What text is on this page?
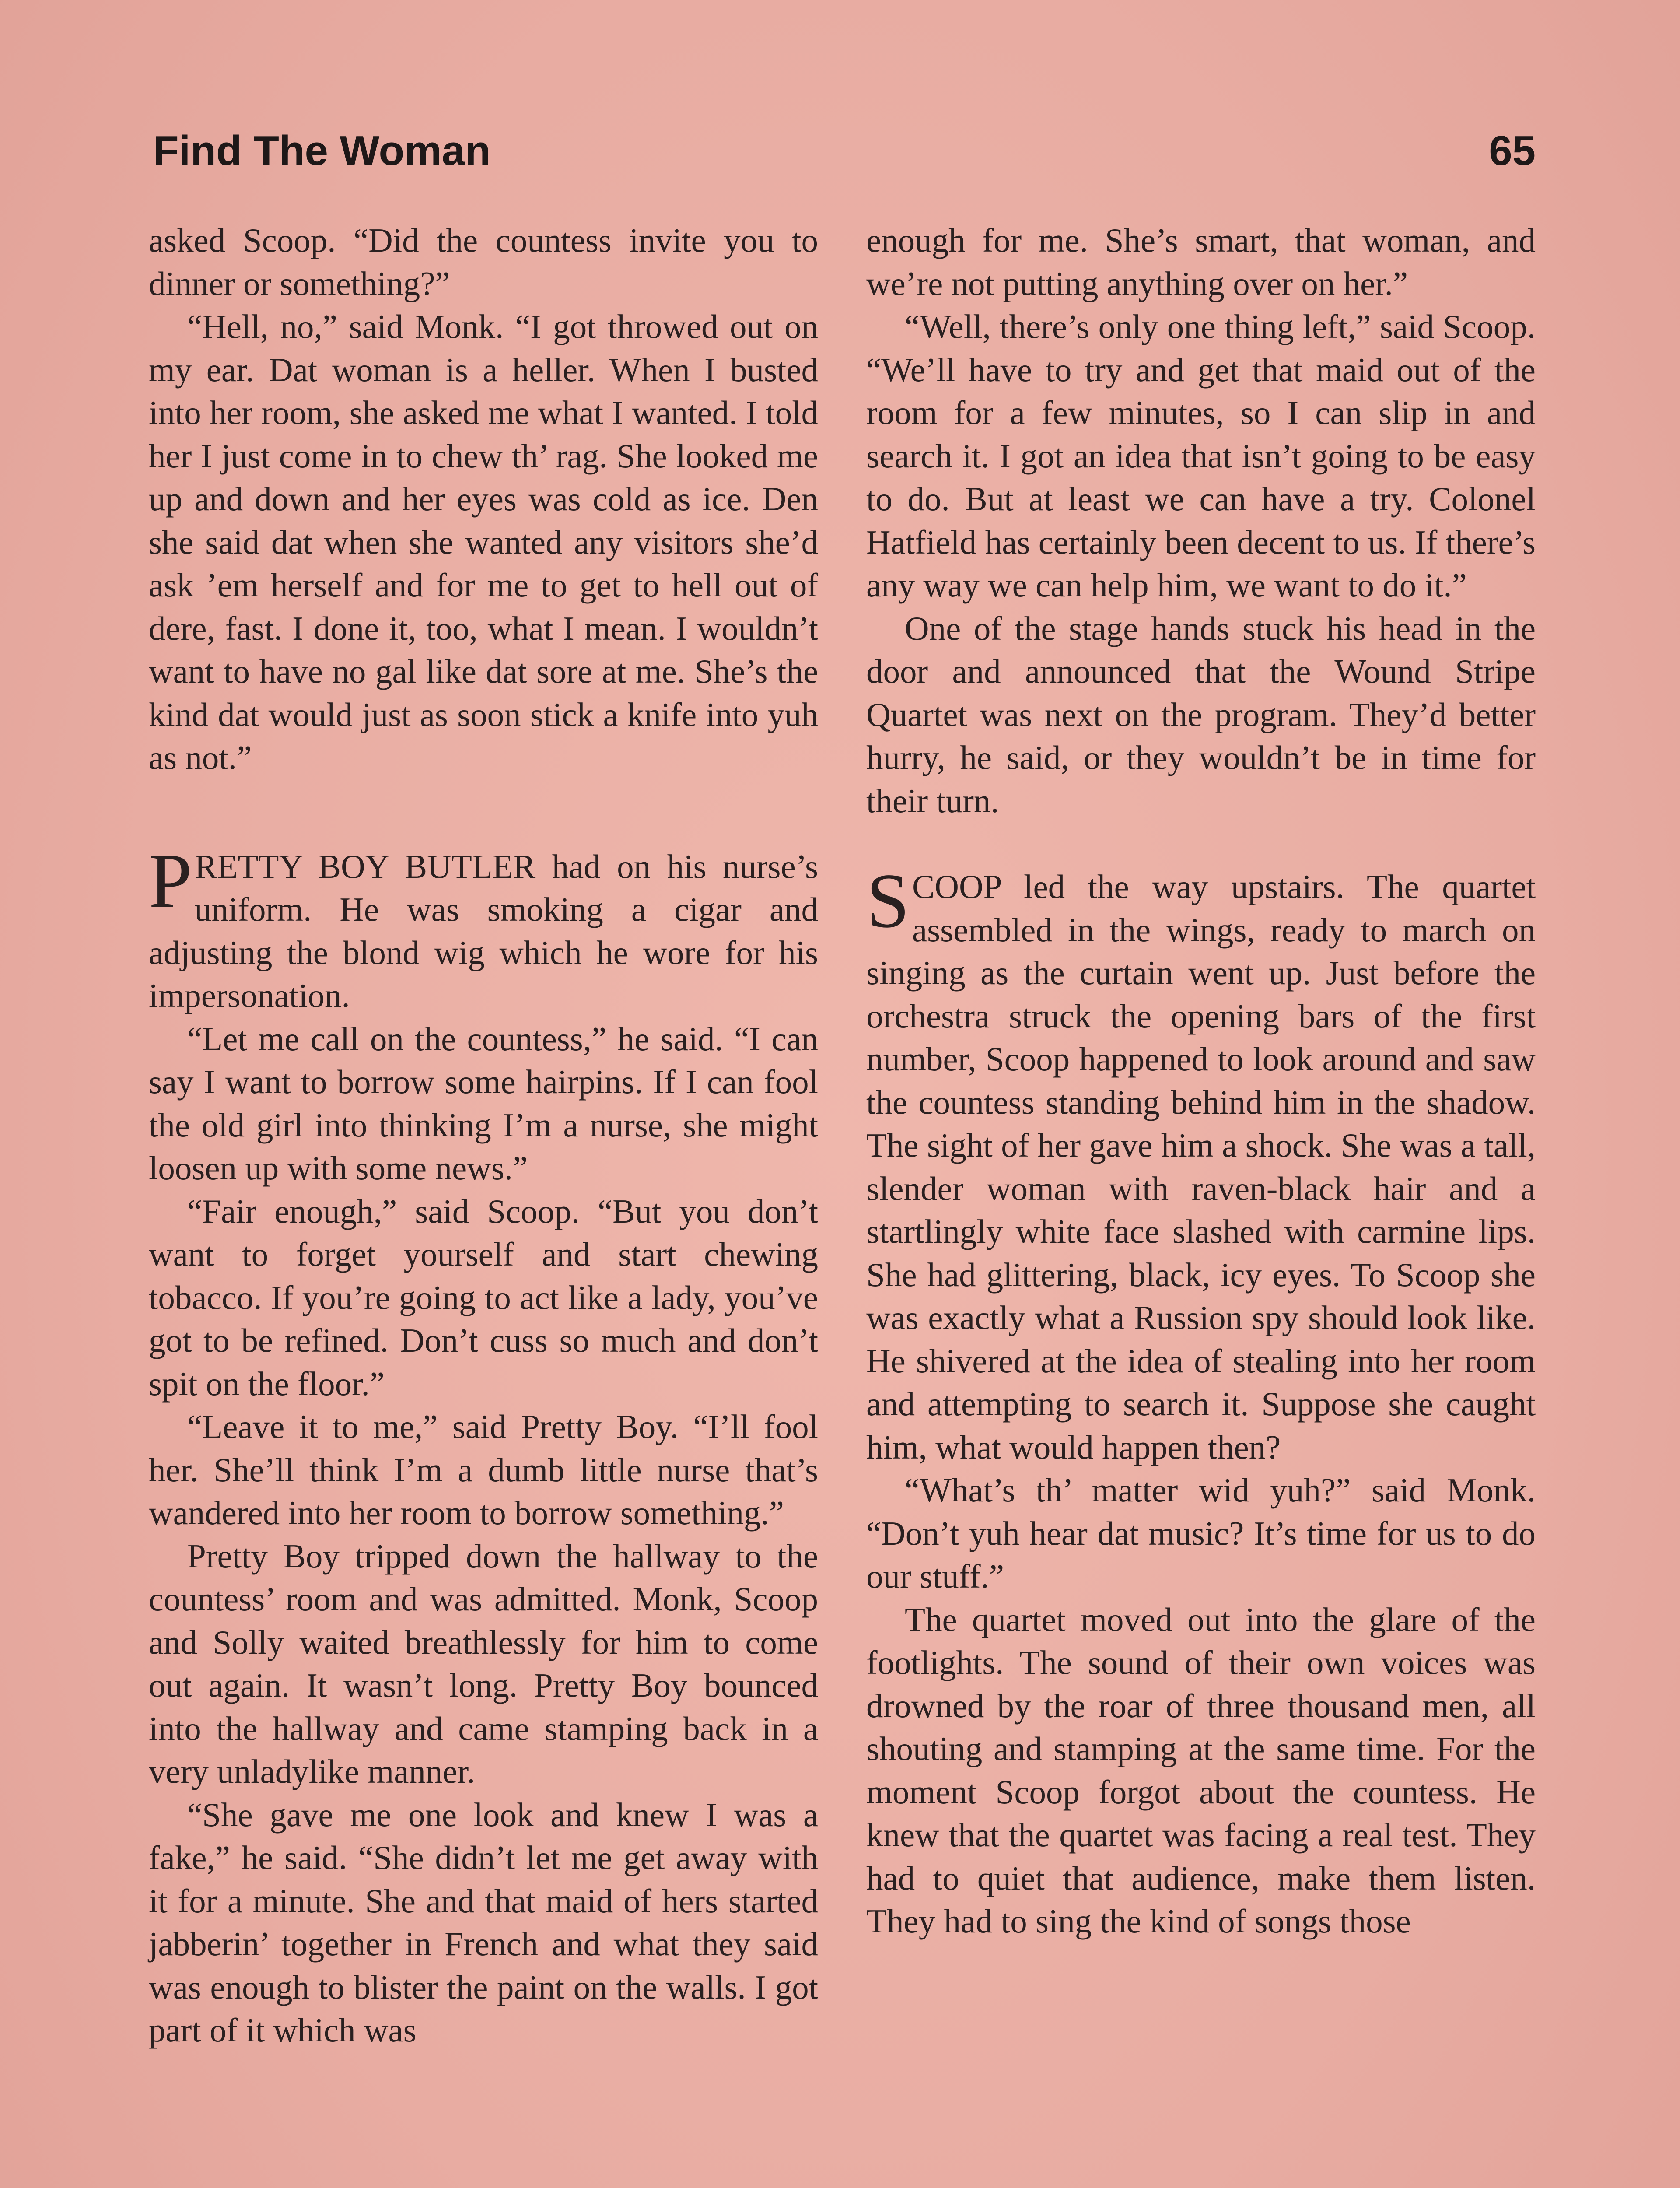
Find The Woman	65

asked Scoop. “Did the countess invite you to dinner or something?”

“Hell, no,” said Monk. “I got throwed out on my ear. Dat woman is a heller. When I busted into her room, she asked me what I wanted. I told her I just come in to chew th’ rag. She looked me up and down and her eyes was cold as ice. Den she said dat when she wanted any visitors she’d ask ’em herself and for me to get to hell out of dere, fast. I done it, too, what I mean. I wouldn’t want to have no gal like dat sore at me. She’s the kind dat would just as soon stick a knife into yuh as not.”

PRETTY BOY BUTLER had on his nurse’s uniform. He was smoking a cigar and adjusting the blond wig which he wore for his impersonation.

“Let me call on the countess,” he said. “I can say I want to borrow some hairpins. If I can fool the old girl into thinking I’m a nurse, she might loosen up with some news.”

“Fair enough,” said Scoop. “But you don’t want to forget yourself and start chewing tobacco. If you’re going to act like a lady, you’ve got to be refined. Don’t cuss so much and don’t spit on the floor.”

“Leave it to me,” said Pretty Boy. “I’ll fool her. She’ll think I’m a dumb little nurse that’s wandered into her room to borrow something.”

Pretty Boy tripped down the hallway to the countess’ room and was admitted. Monk, Scoop and Solly waited breathlessly for him to come out again. It wasn’t long. Pretty Boy bounced into the hallway and came stamping back in a very unladylike manner.

“She gave me one look and knew I was a fake,” he said. “She didn’t let me get away with it for a minute. She and that maid of hers started jabberin’ together in French and what they said was enough to blister the paint on the walls. I got part of it which was

enough for me. She’s smart, that woman, and we’re not putting anything over on her.”

“Well, there’s only one thing left,” said Scoop. “We’ll have to try and get that maid out of the room for a few minutes, so I can slip in and search it. I got an idea that isn’t going to be easy to do. But at least we can have a try. Colonel Hatfield has certainly been decent to us. If there’s any way we can help him, we want to do it.”

One of the stage hands stuck his head in the door and announced that the Wound Stripe Quartet was next on the program. They’d better hurry, he said, or they wouldn’t be in time for their turn.

SCOOP led the way upstairs. The quartet assembled in the wings, ready to march on singing as the curtain went up. Just before the orchestra struck the opening bars of the first number, Scoop happened to look around and saw the countess standing behind him in the shadow. The sight of her gave him a shock. She was a tall, slender woman with raven-black hair and a startlingly white face slashed with carmine lips. She had glittering, black, icy eyes. To Scoop she was exactly what a Russion spy should look like. He shivered at the idea of stealing into her room and attempting to search it. Suppose she caught him, what would happen then?

“What’s th’ matter wid yuh?” said Monk. “Don’t yuh hear dat music? It’s time for us to do our stuff.”

The quartet moved out into the glare of the footlights. The sound of their own voices was drowned by the roar of three thousand men, all shouting and stamping at the same time. For the moment Scoop forgot about the countess. He knew that the quartet was facing a real test. They had to quiet that audience, make them listen. They had to sing the kind of songs those
